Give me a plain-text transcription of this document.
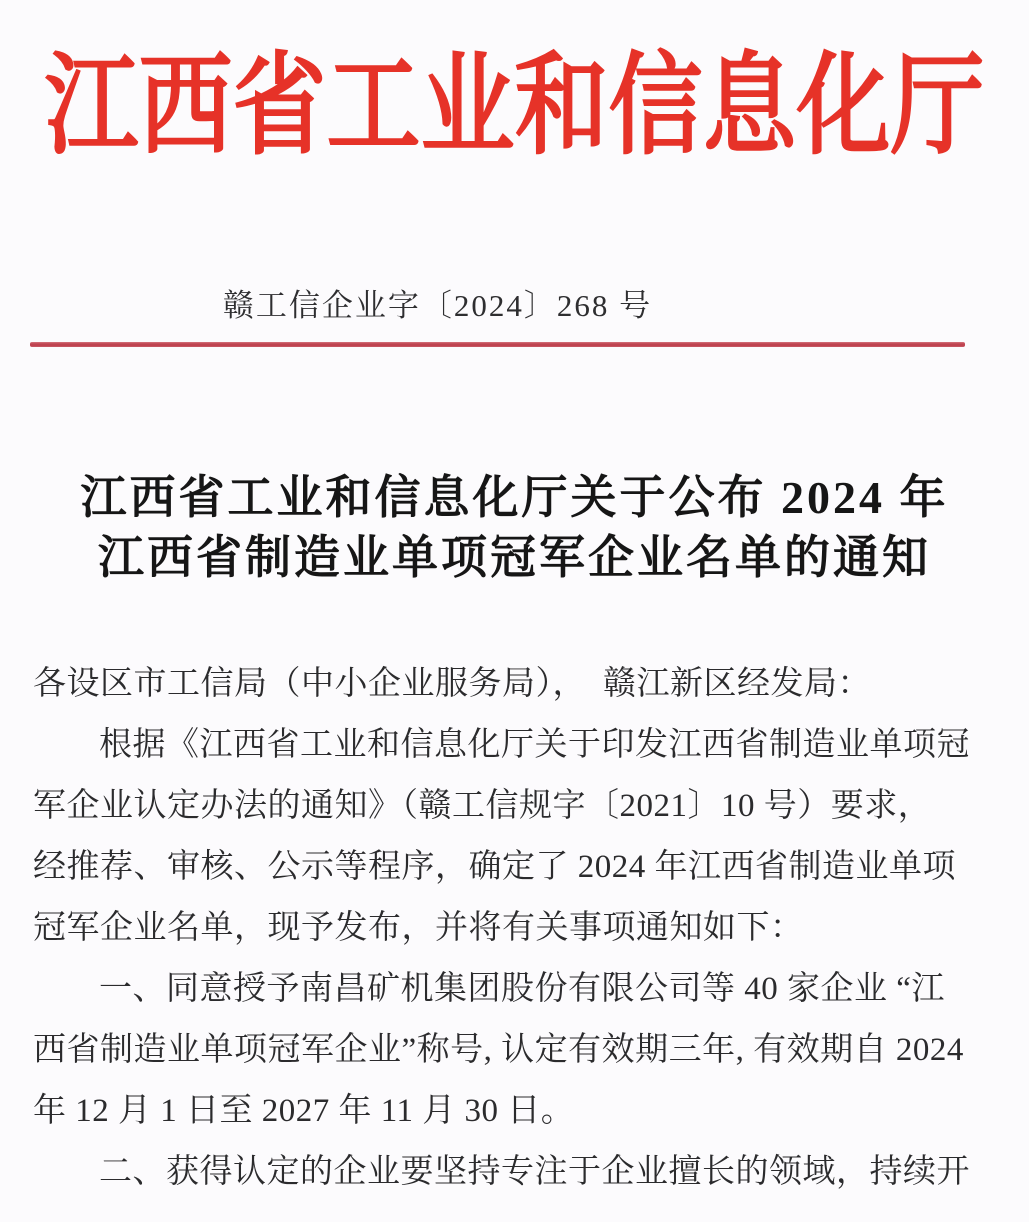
江西省工业和信息化厅
赣工信企业字〔2024〕268 号
江西省工业和信息化厅关于公布 2024 年
江西省制造业单项冠军企业名单的通知
各设区市工信局（中小企业服务局），　赣江新区经发局：
根据《江西省工业和信息化厅关于印发江西省制造业单项冠
军企业认定办法的通知》（赣工信规字〔2021〕10 号）要求，
经推荐、审核、公示等程序，确定了 2024 年江西省制造业单项
冠军企业名单，现予发布，并将有关事项通知如下：
一、同意授予南昌矿机集团股份有限公司等 40 家企业 “江
西省制造业单项冠军企业”称号, 认定有效期三年, 有效期自 2024
年 12 月 1 日至 2027 年 11 月 30 日。
二、获得认定的企业要坚持专注于企业擅长的领域，持续开
